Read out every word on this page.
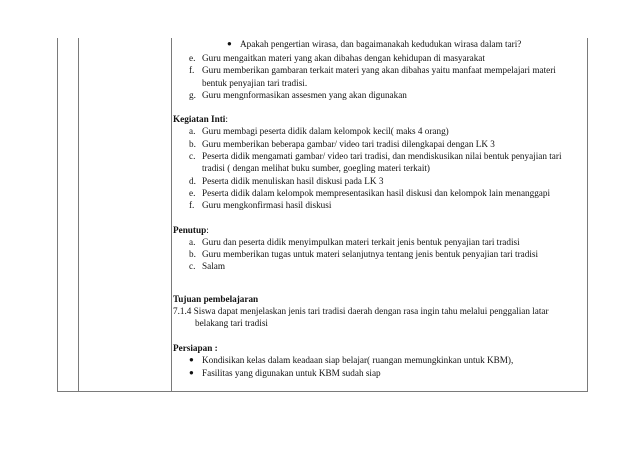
● Apakah pengertian wirasa, dan bagaimanakah kedudukan wirasa dalam tari?
e. Guru mengaitkan materi yang akan dibahas dengan kehidupan di masyarakat
f. Guru memberikan gambaran terkait materi yang akan dibahas yaitu manfaat mempelajari materi
bentuk penyajian tari tradisi.
g. Guru mengnformasikan assesmen yang akan digunakan
Kegiatan Inti:
a. Guru membagi peserta didik dalam kelompok kecil( maks 4 orang)
b. Guru memberikan beberapa gambar/ video tari tradisi dilengkapai dengan LK 3
c. Peserta didik mengamati gambar/ video tari tradisi, dan mendiskusikan nilai bentuk penyajian tari
tradisi ( dengan melihat buku sumber, goegling materi terkait)
d. Peserta didik menuliskan hasil diskusi pada LK 3
e. Peserta didik dalam kelompok mempresentasikan hasil diskusi dan kelompok lain menanggapi
f. Guru mengkonfirmasi hasil diskusi
Penutup:
a. Guru dan peserta didik menyimpulkan materi terkait jenis bentuk penyajian tari tradisi
b. Guru memberikan tugas untuk materi selanjutnya tentang jenis bentuk penyajian tari tradisi
c. Salam
Tujuan pembelajaran
7.1.4 Siswa dapat menjelaskan jenis tari tradisi daerah dengan rasa ingin tahu melalui penggalian latar
belakang tari tradisi
Persiapan :
● Kondisikan kelas dalam keadaan siap belajar( ruangan memungkinkan untuk KBM),
● Fasilitas yang digunakan untuk KBM sudah siap
